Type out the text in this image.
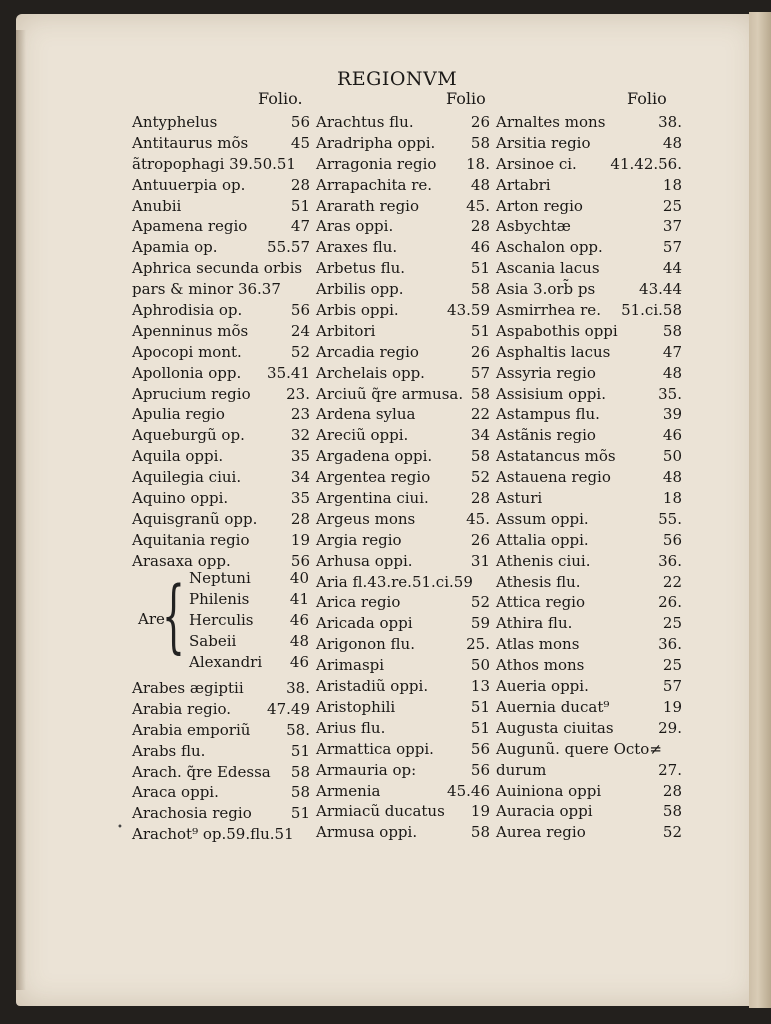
REGIONVM
Folio.	Folio	Folio
Antyphelus	56
Antitaurus mõs	45
ãtropophagi 39.50.51
Antuuerpia op.	28
Anubii	51
Apamena regio	47
Apamia op.	55.57
Aphrica secunda orbis
pars & minor 36.37
Aphrodisia op.	56
Apenninus mõs	24
Apocopi mont.	52
Apollonia opp. 35.41
Aprucium regio 23.
Apulia regio	23
Aqueburgũ op.	32
Aquila oppi.	35
Aquilegia ciui.	34
Aquino oppi.	35
Aquisgranũ opp. 28
Aquitania regio	19
Arasaxa opp.	56
Arabes ægiptii	38.
Arabia regio. 47.49
Arabia emporiũ 58.
Arabs flu.	51
Arach. q̃re Edessa 58
Araca oppi.	58
Arachosia regio	51
Arachot⁹ op.59.flu.51
Arachtus flu.	26
Aradripha oppi. 58
Arragonia regio 18.
Arrapachita re.	48
Ararath regio	45.
Aras oppi.	28
Araxes flu.	46
Arbetus flu.	51
Arbilis opp.	58
Arbis oppi.	43.59
Arbitori	51
Arcadia regio	26
Archelais opp.	57
Arciuũ q̃re armusa. 58
Ardena sylua	22
Areciũ oppi.	34
Argadena oppi.	58
Argentea regio	52
Argentina ciui.	28
Argeus mons	45.
Argia regio	26
Arhusa oppi.	31
Aria fl.43.re.51.ci.59
Arica regio	52
Aricada oppi	59
Arigonon flu.	25.
Arimaspi	50
Aristadiũ oppi.	13
Aristophili	51
Arius flu.	51
Armattica oppi. 56
Armauria op:	56
Armenia	45.46
Armiacũ ducatus 19
Armusa oppi.	58
Arnaltes mons	38.
Arsitia regio	48
Arsinoe ci. 41.42.56.
Artabri	18
Arton regio	25
Asbychtæ	37
Aschalon opp.	57
Ascania lacus	44
Asia 3.orb̃ ps	43.44
Asmirrhea re. 51.ci.58
Aspabothis oppi	58
Asphaltis lacus	47
Assyria regio	48
Assisium oppi.	35.
Astampus flu.	39
Astãnis regio	46
Astatancus mõs	50
Astauena regio	48
Asturi	18
Assum oppi.	55.
Attalia oppi.	56
Athenis ciui.	36.
Athesis flu.	22
Attica regio	26.
Athira flu.	25
Atlas mons	36.
Athos mons	25
Aueria oppi.	57
Auernia ducat⁹	19
Augusta ciuitas	29.
Augunũ. quere Octo≠
durum	27.
Auiniona oppi	28
Auracia oppi	58
Aurea regio	52
Are
{ Neptuni	40
Philenis	41
Herculis 46
Sabeii	48
Alexandri 46
•
